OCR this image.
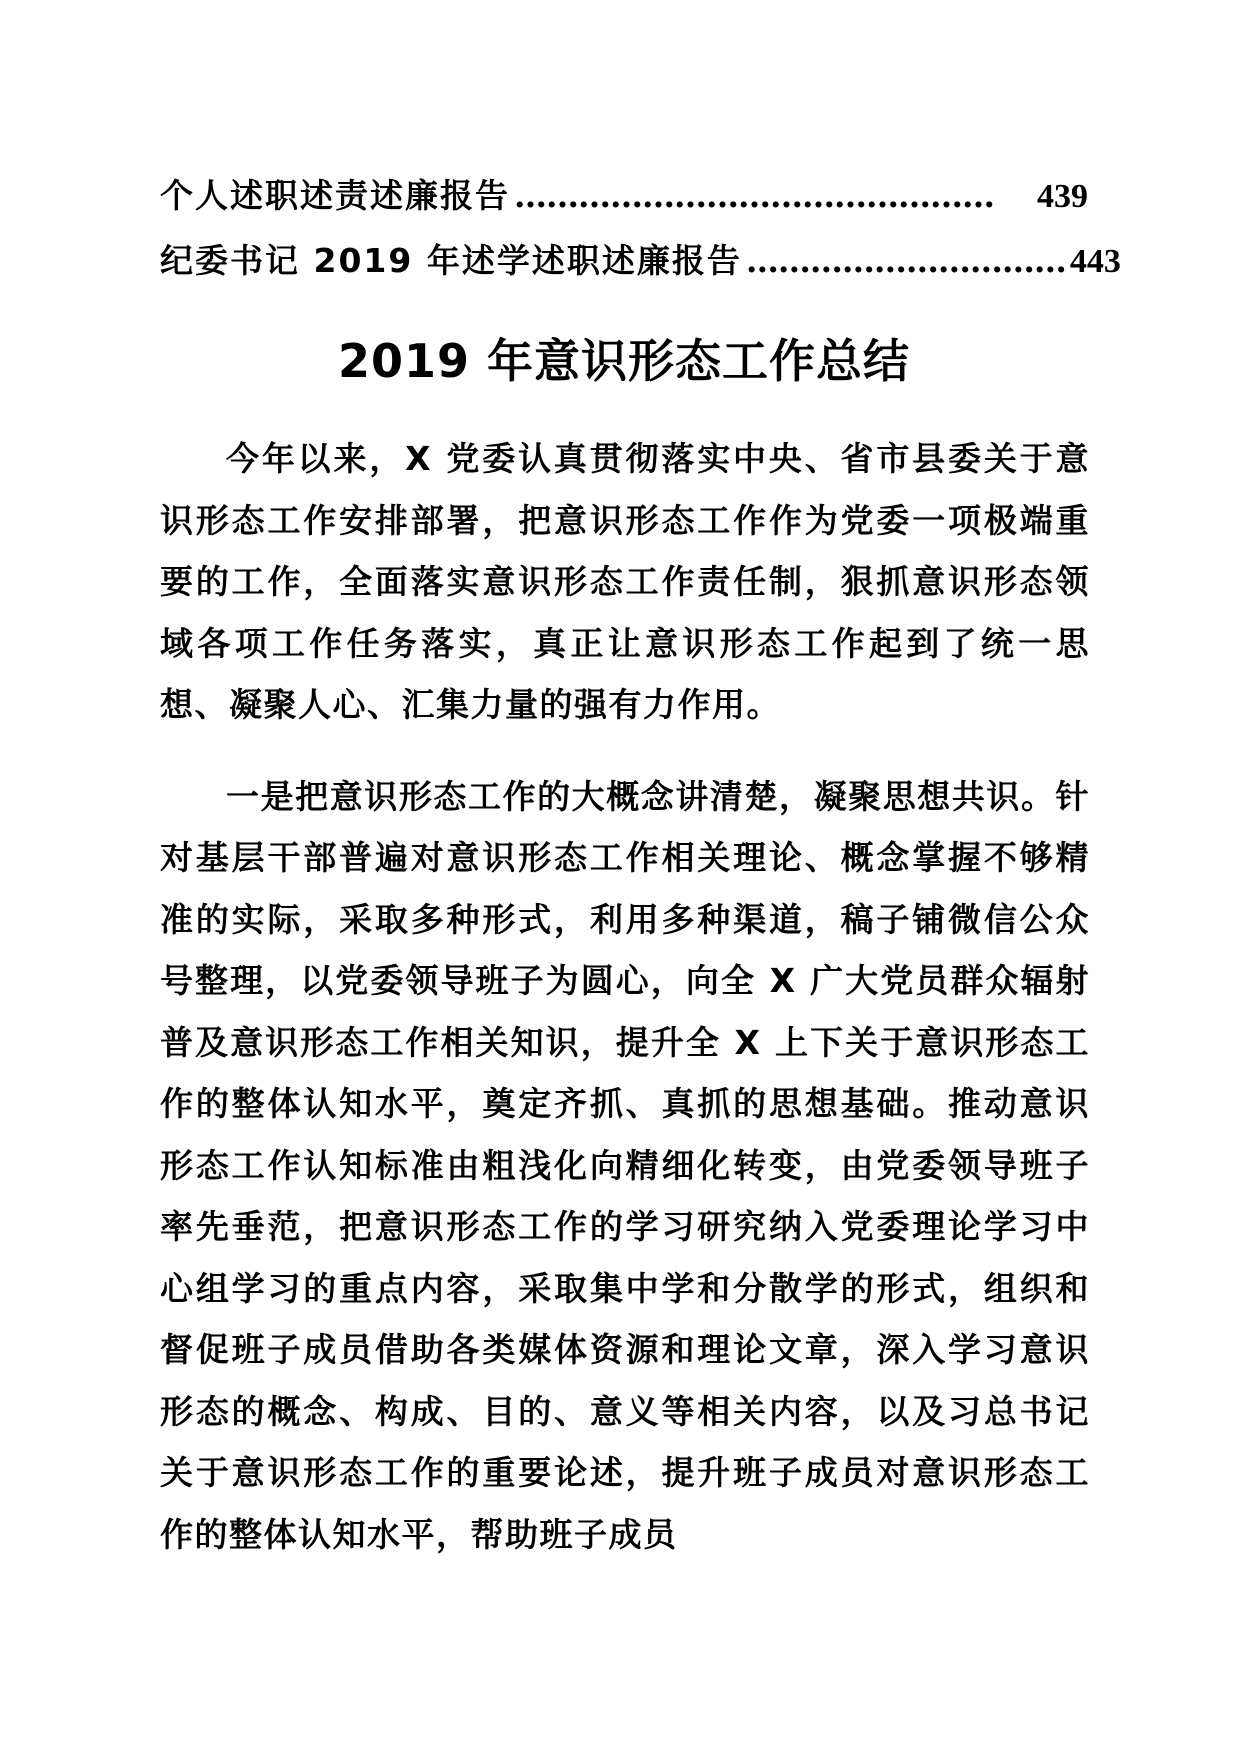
个人述职述责述廉报告 ………………………………………	439
纪委书记 2019 年述学述职述廉报告 ………………………… 443
2019 年意识形态工作总结

今年以来，X 党委认真贯彻落实中央、省市县委关于意识形态工作安排部署，把意识形态工作作为党委一项极端重要的工作，全面落实意识形态工作责任制，狠抓意识形态领域各项工作任务落实，真正让意识形态工作起到了统一思想、凝聚人心、汇集力量的强有力作用。

一是把意识形态工作的大概念讲清楚，凝聚思想共识。针对基层干部普遍对意识形态工作相关理论、概念掌握不够精准的实际，采取多种形式，利用多种渠道，稿子铺微信公众号整理，以党委领导班子为圆心，向全 X 广大党员群众辐射普及意识形态工作相关知识，提升全 X 上下关于意识形态工作的整体认知水平，奠定齐抓、真抓的思想基础。推动意识形态工作认知标准由粗浅化向精细化转变，由党委领导班子率先垂范，把意识形态工作的学习研究纳入党委理论学习中心组学习的重点内容，采取集中学和分散学的形式，组织和督促班子成员借助各类媒体资源和理论文章，深入学习意识形态的概念、构成、目的、意义等相关内容，以及习总书记关于意识形态工作的重要论述，提升班子成员对意识形态工作的整体认知水平，帮助班子成员
